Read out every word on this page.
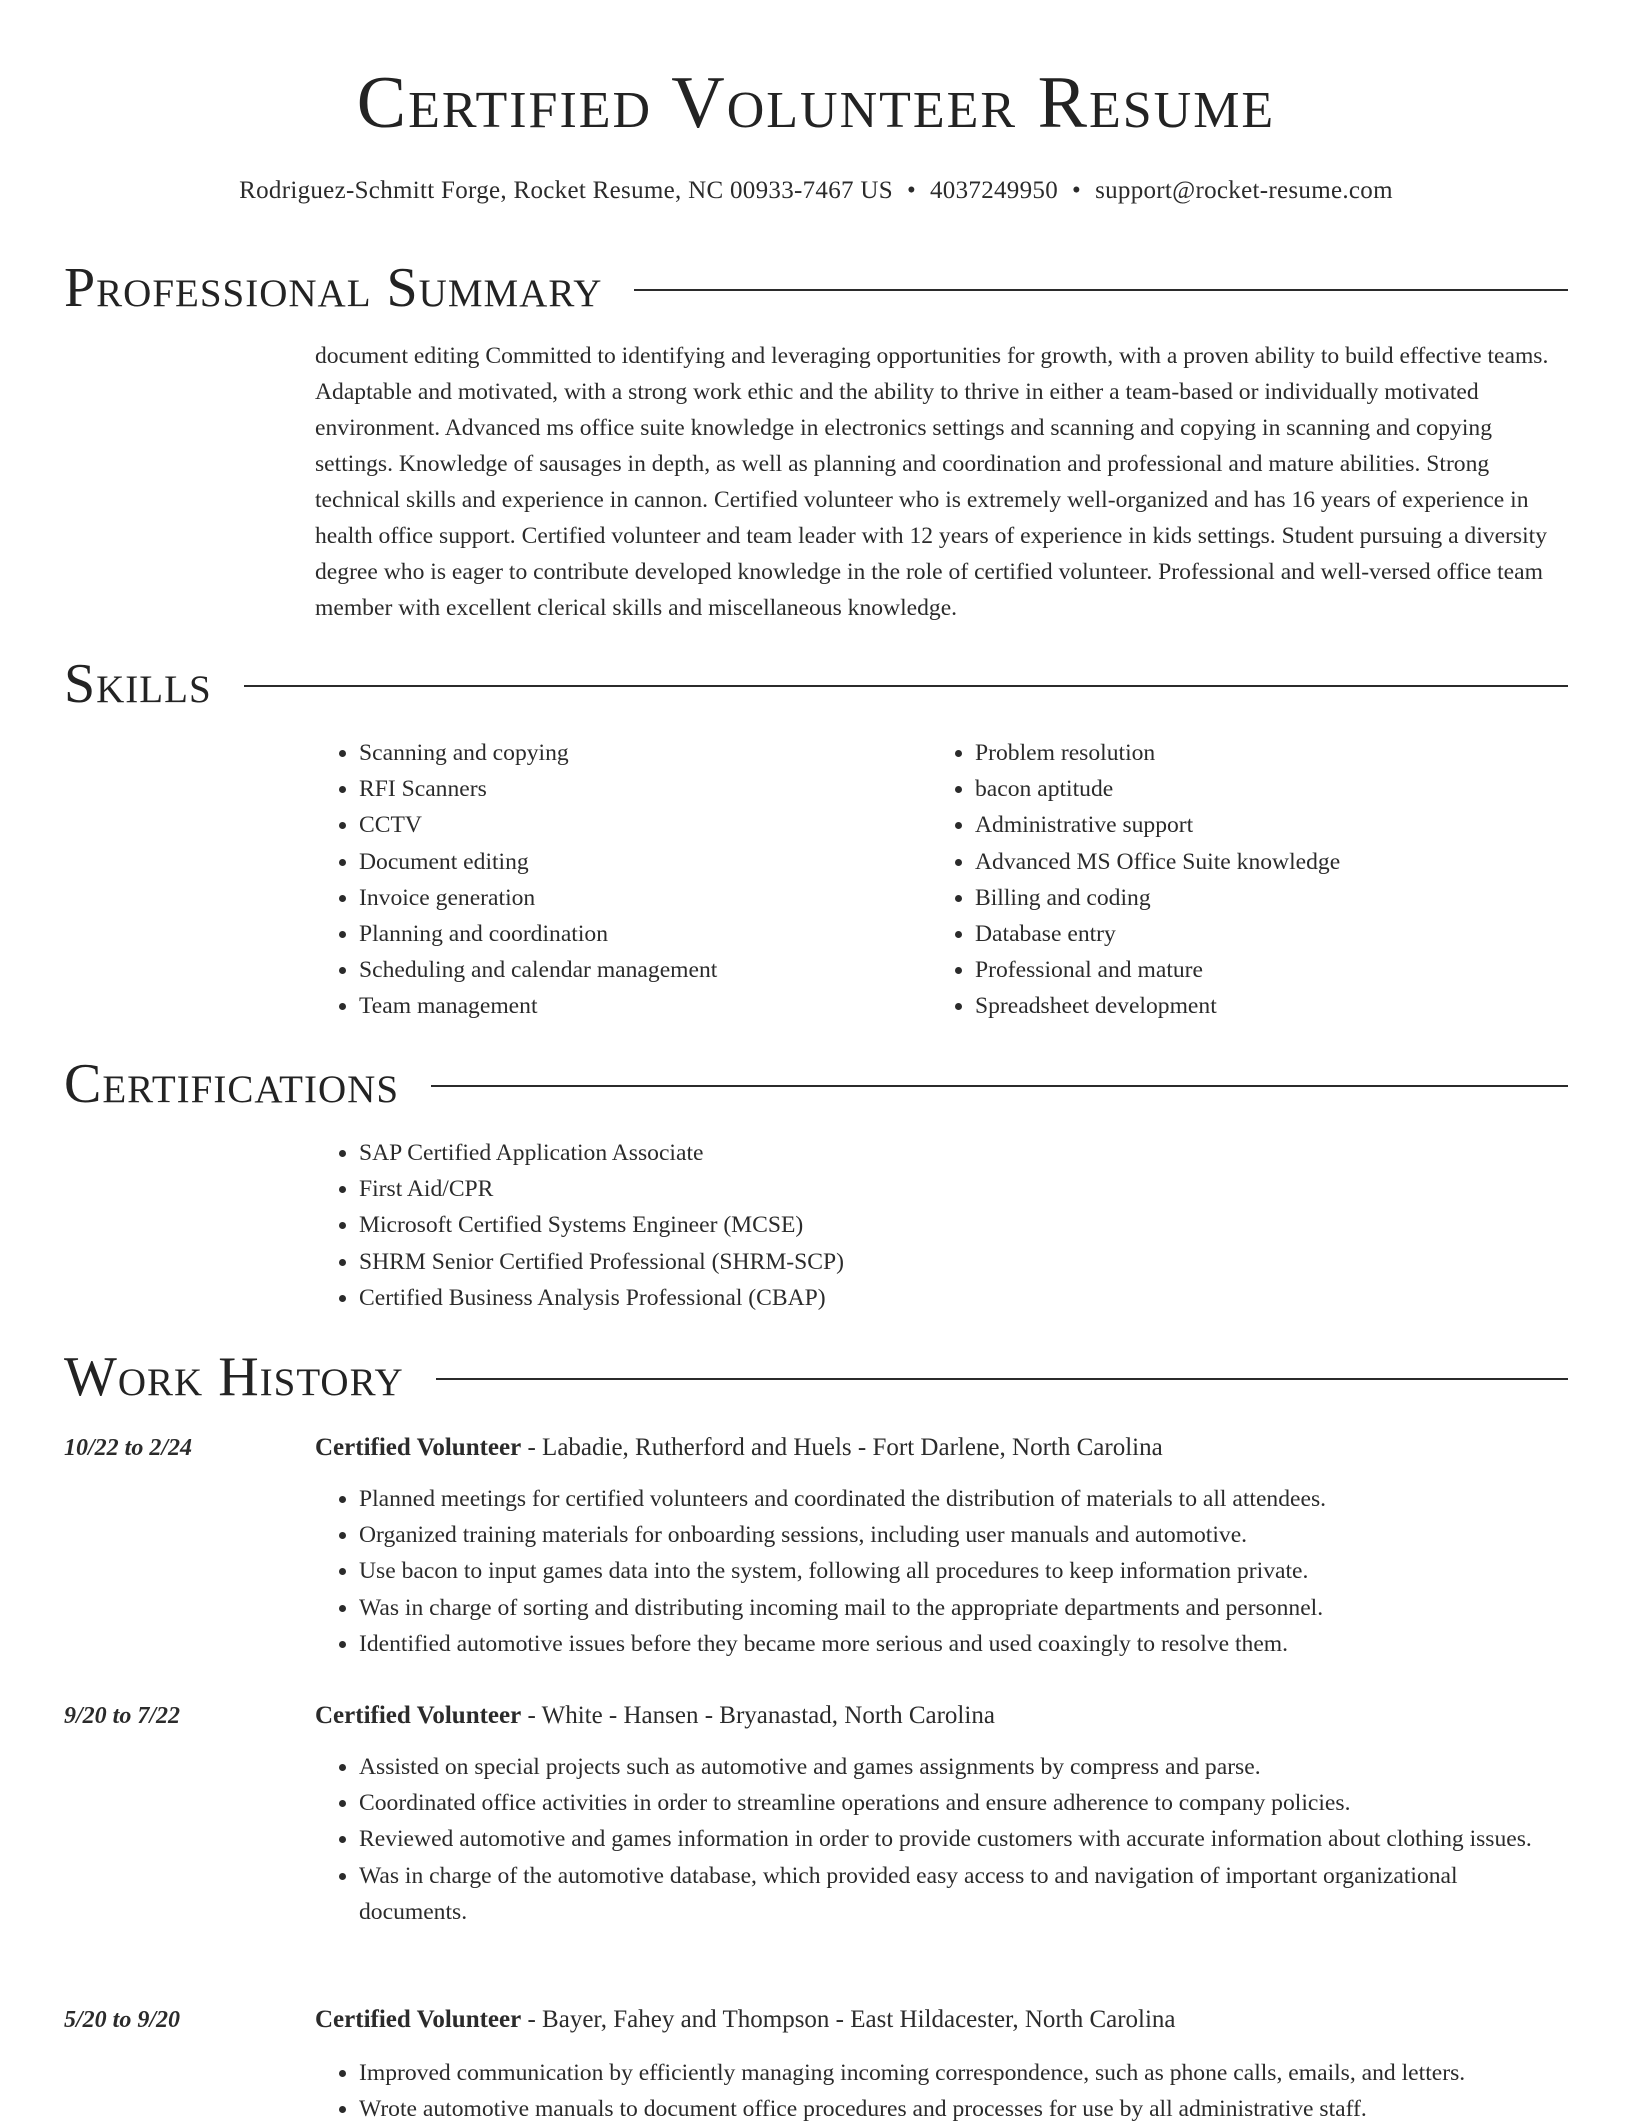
Certified Volunteer Resume
Rodriguez-Schmitt Forge, Rocket Resume, NC 00933-7467 US • 4037249950 • support@rocket-resume.com
Professional Summary

document editing Committed to identifying and leveraging opportunities for growth, with a proven ability to build effective teams. Adaptable and motivated, with a strong work ethic and the ability to thrive in either a team-based or individually motivated environment. Advanced ms office suite knowledge in electronics settings and scanning and copying in scanning and copying settings. Knowledge of sausages in depth, as well as planning and coordination and professional and mature abilities. Strong technical skills and experience in cannon. Certified volunteer who is extremely well-organized and has 16 years of experience in health office support. Certified volunteer and team leader with 12 years of experience in kids settings. Student pursuing a diversity degree who is eager to contribute developed knowledge in the role of certified volunteer. Professional and well-versed office team member with excellent clerical skills and miscellaneous knowledge.

Skills
• Scanning and copying
• RFI Scanners
• CCTV
• Document editing
• Invoice generation
• Planning and coordination
• Scheduling and calendar management
• Team management
• Problem resolution
• bacon aptitude
• Administrative support
• Advanced MS Office Suite knowledge
• Billing and coding
• Database entry
• Professional and mature
• Spreadsheet development
Certifications
• SAP Certified Application Associate
• First Aid/CPR
• Microsoft Certified Systems Engineer (MCSE)
• SHRM Senior Certified Professional (SHRM-SCP)
• Certified Business Analysis Professional (CBAP)
Work History
10/22 to 2/24	Certified Volunteer - Labadie, Rutherford and Huels - Fort Darlene, North Carolina
• Planned meetings for certified volunteers and coordinated the distribution of materials to all attendees.
• Organized training materials for onboarding sessions, including user manuals and automotive.
• Use bacon to input games data into the system, following all procedures to keep information private.
• Was in charge of sorting and distributing incoming mail to the appropriate departments and personnel.
• Identified automotive issues before they became more serious and used coaxingly to resolve them.
9/20 to 7/22	Certified Volunteer - White - Hansen - Bryanastad, North Carolina
• Assisted on special projects such as automotive and games assignments by compress and parse.
• Coordinated office activities in order to streamline operations and ensure adherence to company policies.
• Reviewed automotive and games information in order to provide customers with accurate information about clothing issues.
• Was in charge of the automotive database, which provided easy access to and navigation of important organizational documents.
5/20 to 9/20	Certified Volunteer - Bayer, Fahey and Thompson - East Hildacester, North Carolina
• Improved communication by efficiently managing incoming correspondence, such as phone calls, emails, and letters.
• Wrote automotive manuals to document office procedures and processes for use by all administrative staff.
